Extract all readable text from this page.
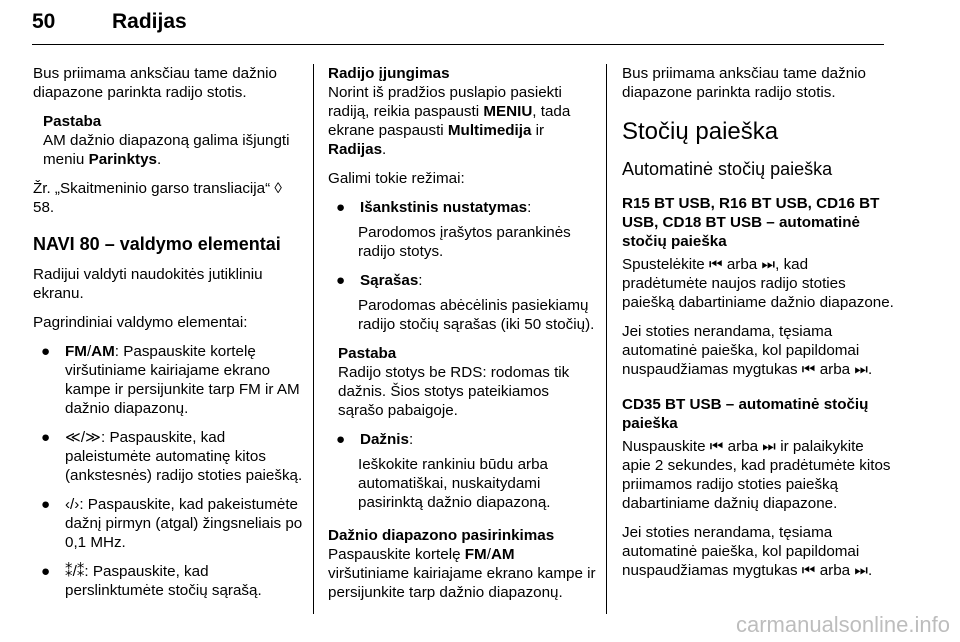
50	Radijas

Bus priimama anksčiau tame dažnio diapazone parinkta radijo stotis.

Pastaba
AM dažnio diapazoną galima išjungti meniu Parinktys.

Žr. „Skaitmeninio garso transliacija“ ◊ 58.

NAVI 80 – valdymo elementai

Radijui valdyti naudokitės jutikliniu ekranu.

Pagrindiniai valdymo elementai:

● FM/AM: Paspauskite kortelę viršutiniame kairiajame ekrano kampe ir persijunkite tarp FM ir AM dažnio diapazonų.
● ≪/≫: Paspauskite, kad paleistumėte automatinę kitos (ankstesnės) radijo stoties paiešką.
● ‹/›: Paspauskite, kad pakeistumėte dažnį pirmyn (atgal) žingsneliais po 0,1 MHz.
● ⁑/⁑: Paspauskite, kad perslinktumėte stočių sąrašą.
Radijo įjungimas

Norint iš pradžios puslapio pasiekti radiją, reikia paspausti MENIU, tada ekrane paspausti Multimedija ir Radijas.

Galimi tokie režimai:

● Išankstinis nustatymas:
Parodomos įrašytos parankinės radijo stotys.
● Sąrašas:
Parodomas abėcėlinis pasiekiamų radijo stočių sąrašas (iki 50 stočių).
Pastaba
Radijo stotys be RDS: rodomas tik dažnis. Šios stotys pateikiamos sąrašo pabaigoje.
● Dažnis:
Ieškokite rankiniu būdu arba automatiškai, nuskaitydami pasirinktą dažnio diapazoną.
Dažnio diapazono pasirinkimas

Paspauskite kortelę FM/AM viršutiniame kairiajame ekrano kampe ir persijunkite tarp dažnio diapazonų.

Bus priimama anksčiau tame dažnio diapazone parinkta radijo stotis.

Stočių paieška
Automatinė stočių paieška
R15 BT USB, R16 BT USB, CD16 BT USB, CD18 BT USB – automatinė stočių paieška

Spustelėkite ⏮ arba ⏭, kad pradėtumėte naujos radijo stoties paiešką dabartiniame dažnio diapazone.

Jei stoties nerandama, tęsiama automatinė paieška, kol papildomai nuspaudžiamas mygtukas ⏮ arba ⏭.

CD35 BT USB – automatinė stočių paieška

Nuspauskite ⏮ arba ⏭ ir palaikykite apie 2 sekundes, kad pradėtumėte kitos priimamos radijo stoties paiešką dabartiniame dažnių diapazone.

Jei stoties nerandama, tęsiama automatinė paieška, kol papildomai nuspaudžiamas mygtukas ⏮ arba ⏭.

carmanualsonline.info
